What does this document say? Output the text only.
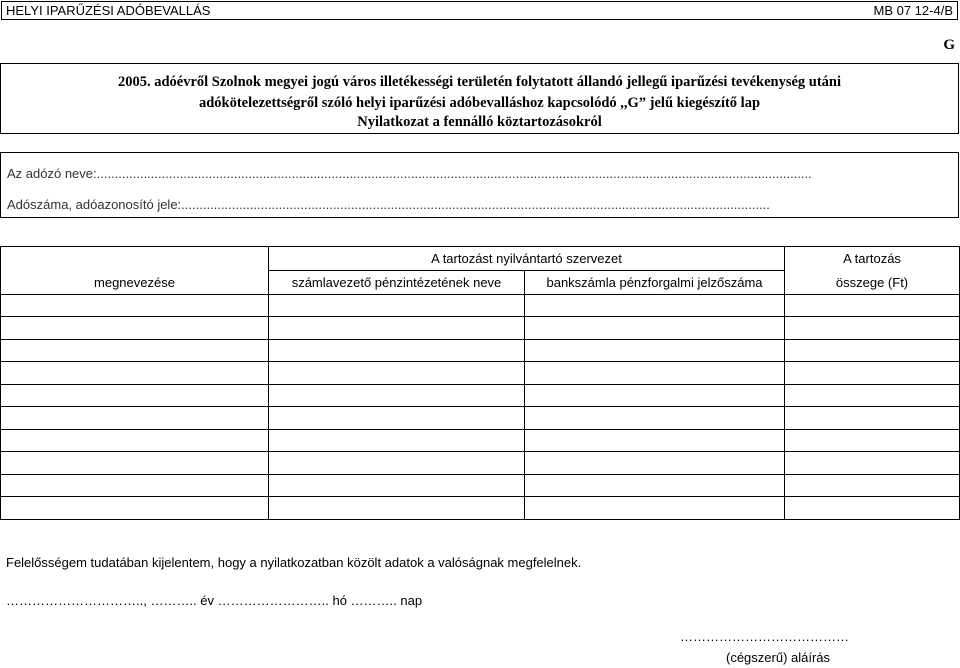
HELYI IPARŰZÉSI ADÓBEVALLÁS	MB 07 12-4/B
G
2005. adóévről Szolnok megyei jogú város illetékességi területén folytatott állandó jellegű iparűzési tevékenység utáni
adókötelezettségről szóló helyi iparűzési adóbevalláshoz kapcsolódó ,,G” jelű kiegészítő lap
Nyilatkozat a fennálló köztartozásokról
Az adózó neve:......................................................................................................................................................................................................
Adószáma, adóazonosító jele:...................................................................................................................................................................
	A tartozást nyilvántartó szervezet		A tartozás
megnevezése	számlavezető pénzintézetének neve	bankszámla pénzforgalmi jelzőszáma	összege (Ft)

Felelősségem tudatában kijelentem, hogy a nyilatkozatban közölt adatok a valóságnak megfelelnek.
………………………….., ……….. év …………………….. hó ……….. nap
…………………………………
(cégszerű) aláírás
